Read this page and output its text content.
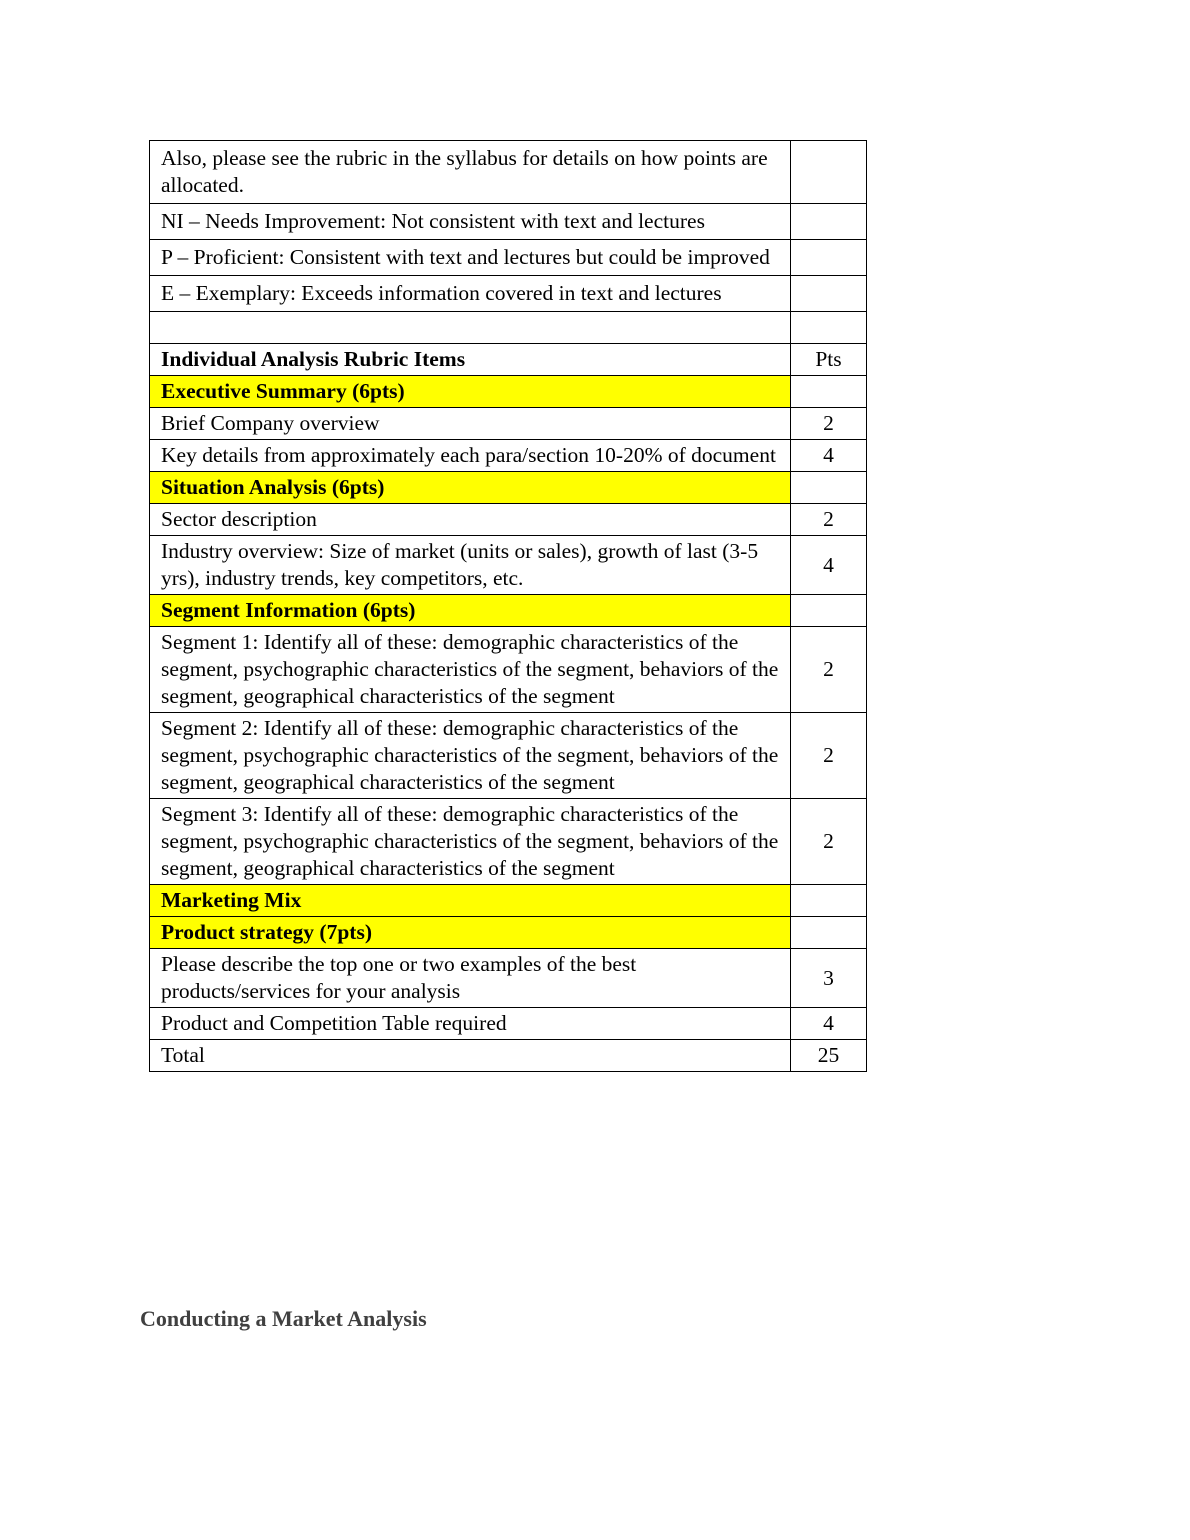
Also, please see the rubric in the syllabus for details on how points are allocated.	
NI – Needs Improvement: Not consistent with text and lectures	
P – Proficient: Consistent with text and lectures but could be improved	
E – Exemplary: Exceeds information covered in text and lectures	

Individual Analysis Rubric Items	Pts
Executive Summary (6pts)	
Brief Company overview	2
Key details from approximately each para/section 10-20% of document	4
Situation Analysis (6pts)	
Sector description	2
Industry overview: Size of market (units or sales), growth of last (3-5 yrs), industry trends, key competitors, etc.	4
Segment Information (6pts)	
Segment 1: Identify all of these: demographic characteristics of the segment, psychographic characteristics of the segment, behaviors of the segment, geographical characteristics of the segment	2
Segment 2: Identify all of these: demographic characteristics of the segment, psychographic characteristics of the segment, behaviors of the segment, geographical characteristics of the segment	2
Segment 3: Identify all of these: demographic characteristics of the segment, psychographic characteristics of the segment, behaviors of the segment, geographical characteristics of the segment	2
Marketing Mix	
Product strategy (7pts)	
Please describe the top one or two examples of the best products/services for your analysis	3
Product and Competition Table required	4
Total	25
Conducting a Market Analysis
